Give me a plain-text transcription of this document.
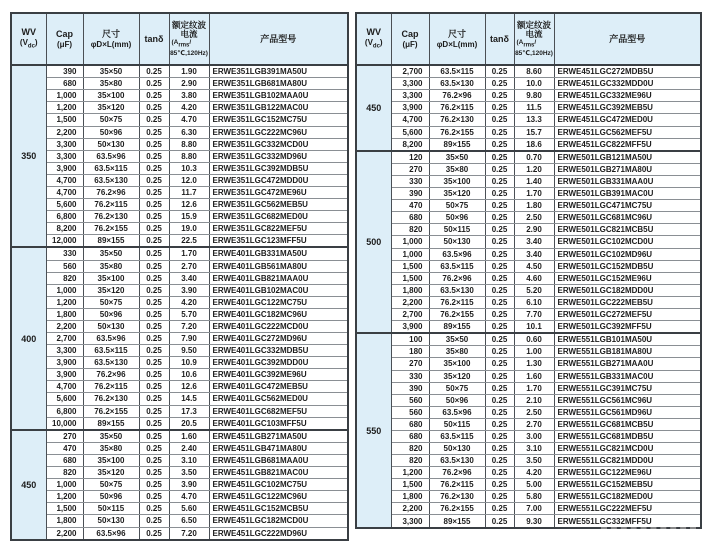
WV
$(V_{dc})$	Cap
(μF)	尺寸
φD×L(mm)	tanδ	额定纹波
电流
($A_{rms}/$
85℃,120Hz)	产品型号
350	390	35×50	0.25	1.90	ERWE351LGB391MA50U
	680	35×80	0.25	2.90	ERWE351LGB681MA80U
	1,000	35×100	0.25	3.80	ERWE351LGB102MAA0U
	1,200	35×120	0.25	4.20	ERWE351LGB122MAC0U
	1,500	50×75	0.25	4.70	ERWE351LGC152MC75U
	2,200	50×96	0.25	6.30	ERWE351LGC222MC96U
	3,300	50×130	0.25	8.80	ERWE351LGC332MCD0U
	3,300	63.5×96	0.25	8.80	ERWE351LGC332MD96U
	3,900	63.5×115	0.25	10.3	ERWE351LGC392MDB5U
	4,700	63.5×130	0.25	12.0	ERWE351LGC472MDD0U
	4,700	76.2×96	0.25	11.7	ERWE351LGC472ME96U
	5,600	76.2×115	0.25	12.6	ERWE351LGC562MEB5U
	6,800	76.2×130	0.25	15.9	ERWE351LGC682MED0U
	8,200	76.2×155	0.25	19.0	ERWE351LGC822MEF5U
	12,000	89×155	0.25	22.5	ERWE351LGC123MFF5U
400	330	35×50	0.25	1.70	ERWE401LGB331MA50U
	560	35×80	0.25	2.70	ERWE401LGB561MA80U
	820	35×100	0.25	3.40	ERWE401LGB821MAA0U
	1,000	35×120	0.25	3.90	ERWE401LGB102MAC0U
	1,200	50×75	0.25	4.20	ERWE401LGC122MC75U
	1,800	50×96	0.25	5.70	ERWE401LGC182MC96U
	2,200	50×130	0.25	7.20	ERWE401LGC222MCD0U
	2,700	63.5×96	0.25	7.90	ERWE401LGC272MD96U
	3,300	63.5×115	0.25	9.50	ERWE401LGC332MDB5U
	3,900	63.5×130	0.25	10.9	ERWE401LGC392MDD0U
	3,900	76.2×96	0.25	10.6	ERWE401LGC392ME96U
	4,700	76.2×115	0.25	12.6	ERWE401LGC472MEB5U
	5,600	76.2×130	0.25	14.5	ERWE401LGC562MED0U
	6,800	76.2×155	0.25	17.3	ERWE401LGC682MEF5U
	10,000	89×155	0.25	20.5	ERWE401LGC103MFF5U
450	270	35×50	0.25	1.60	ERWE451LGB271MA50U
	470	35×80	0.25	2.40	ERWE451LGB471MA80U
	680	35×100	0.25	3.10	ERWE451LGB681MAA0U
	820	35×120	0.25	3.50	ERWE451LGB821MAC0U
	1,000	50×75	0.25	3.90	ERWE451LGC102MC75U
	1,200	50×96	0.25	4.70	ERWE451LGC122MC96U
	1,500	50×115	0.25	5.60	ERWE451LGC152MCB5U
	1,800	50×130	0.25	6.50	ERWE451LGC182MCD0U
	2,200	63.5×96	0.25	7.20	ERWE451LGC222MD96U
WV
$(V_{dc})$	Cap
(μF)	尺寸
φD×L(mm)	tanδ	额定纹波
电流
($A_{rms}/$
85℃,120Hz)	产品型号
450	2,700	63.5×115	0.25	8.60	ERWE451LGC272MDB5U
	3,300	63.5×130	0.25	10.0	ERWE451LGC332MDD0U
	3,300	76.2×96	0.25	9.80	ERWE451LGC332ME96U
	3,900	76.2×115	0.25	11.5	ERWE451LGC392MEB5U
	4,700	76.2×130	0.25	13.3	ERWE451LGC472MED0U
	5,600	76.2×155	0.25	15.7	ERWE451LGC562MEF5U
	8,200	89×155	0.25	18.6	ERWE451LGC822MFF5U
500	120	35×50	0.25	0.70	ERWE501LGB121MA50U
	270	35×80	0.25	1.20	ERWE501LGB271MA80U
	330	35×100	0.25	1.40	ERWE501LGB331MAA0U
	390	35×120	0.25	1.70	ERWE501LGB391MAC0U
	470	50×75	0.25	1.80	ERWE501LGC471MC75U
	680	50×96	0.25	2.50	ERWE501LGC681MC96U
	820	50×115	0.25	2.90	ERWE501LGC821MCB5U
	1,000	50×130	0.25	3.40	ERWE501LGC102MCD0U
	1,000	63.5×96	0.25	3.40	ERWE501LGC102MD96U
	1,500	63.5×115	0.25	4.50	ERWE501LGC152MDB5U
	1,500	76.2×96	0.25	4.60	ERWE501LGC152ME96U
	1,800	63.5×130	0.25	5.20	ERWE501LGC182MDD0U
	2,200	76.2×115	0.25	6.10	ERWE501LGC222MEB5U
	2,700	76.2×155	0.25	7.70	ERWE501LGC272MEF5U
	3,900	89×155	0.25	10.1	ERWE501LGC392MFF5U
550	100	35×50	0.25	0.60	ERWE551LGB101MA50U
	180	35×80	0.25	1.00	ERWE551LGB181MA80U
	270	35×100	0.25	1.30	ERWE551LGB271MAA0U
	330	35×120	0.25	1.60	ERWE551LGB331MAC0U
	390	50×75	0.25	1.70	ERWE551LGC391MC75U
	560	50×96	0.25	2.10	ERWE551LGC561MC96U
	560	63.5×96	0.25	2.50	ERWE551LGC561MD96U
	680	50×115	0.25	2.70	ERWE551LGC681MCB5U
	680	63.5×115	0.25	3.00	ERWE551LGC681MDB5U
	820	50×130	0.25	3.10	ERWE551LGC821MCD0U
	820	63.5×130	0.25	3.50	ERWE551LGC821MDD0U
	1,200	76.2×96	0.25	4.20	ERWE551LGC122ME96U
	1,500	76.2×115	0.25	5.00	ERWE551LGC152MEB5U
	1,800	76.2×130	0.25	5.80	ERWE551LGC182MED0U
	2,200	76.2×155	0.25	7.00	ERWE551LGC222MEF5U
	3,300	89×155	0.25	9.30	ERWE551LGC332MFF5U
